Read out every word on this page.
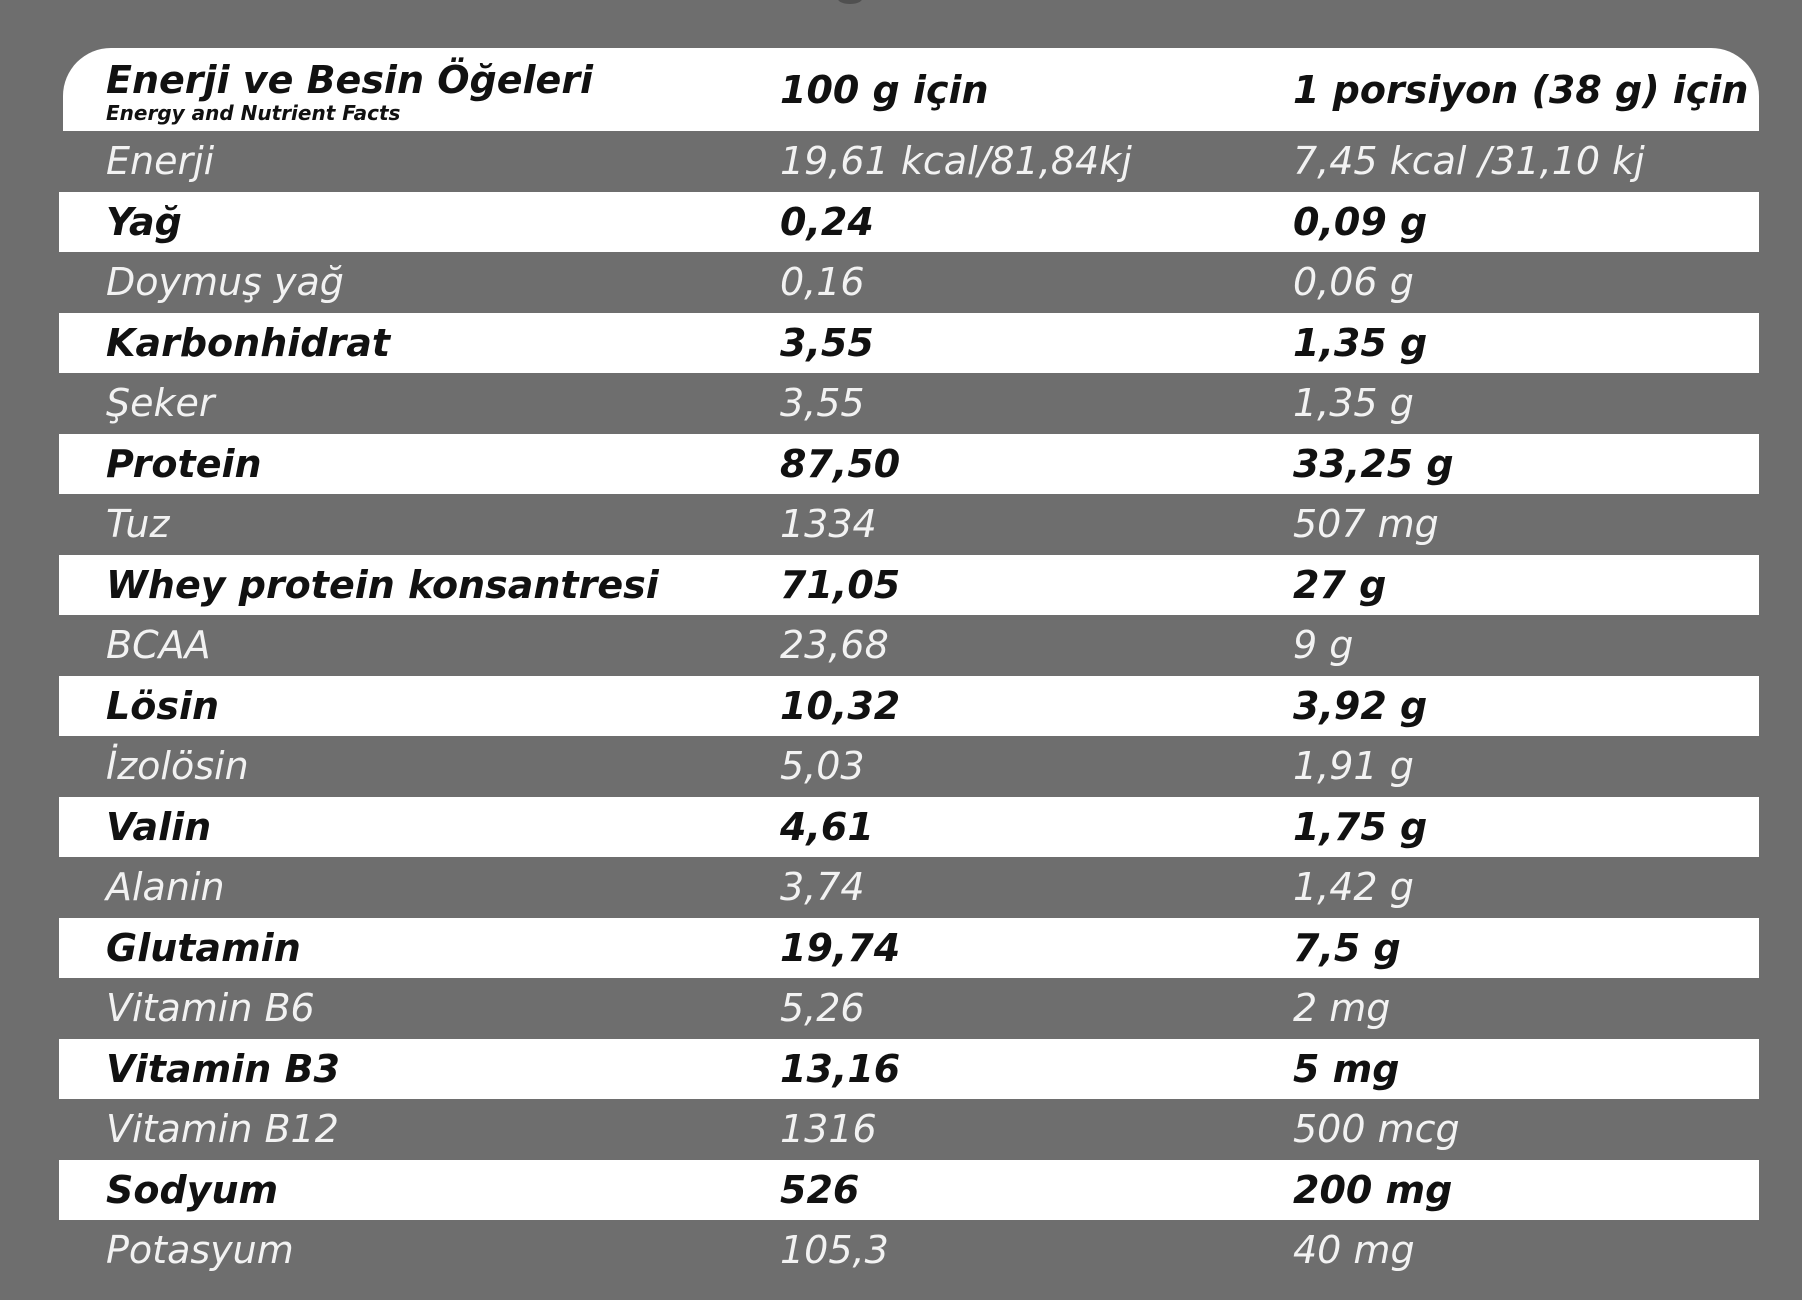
Enerji ve Besin Öğeleri
Energy and Nutrient Facts
100 g için	1 porsiyon (38 g) için
Enerji	19,61 kcal/81,84kj	7,45 kcal /31,10 kj
Yağ	0,24	0,09 g
Doymuş yağ	0,16	0,06 g
Karbonhidrat	3,55	1,35 g
Şeker	3,55	1,35 g
Protein	87,50	33,25 g
Tuz	1334	507 mg
Whey protein konsantresi	71,05	27 g
BCAA	23,68	9 g
Lösin	10,32	3,92 g
İzolösin	5,03	1,91 g
Valin	4,61	1,75 g
Alanin	3,74	1,42 g
Glutamin	19,74	7,5 g
Vitamin B6	5,26	2 mg
Vitamin B3	13,16	5 mg
Vitamin B12	1316	500 mcg
Sodyum	526	200 mg
Potasyum	105,3	40 mg
